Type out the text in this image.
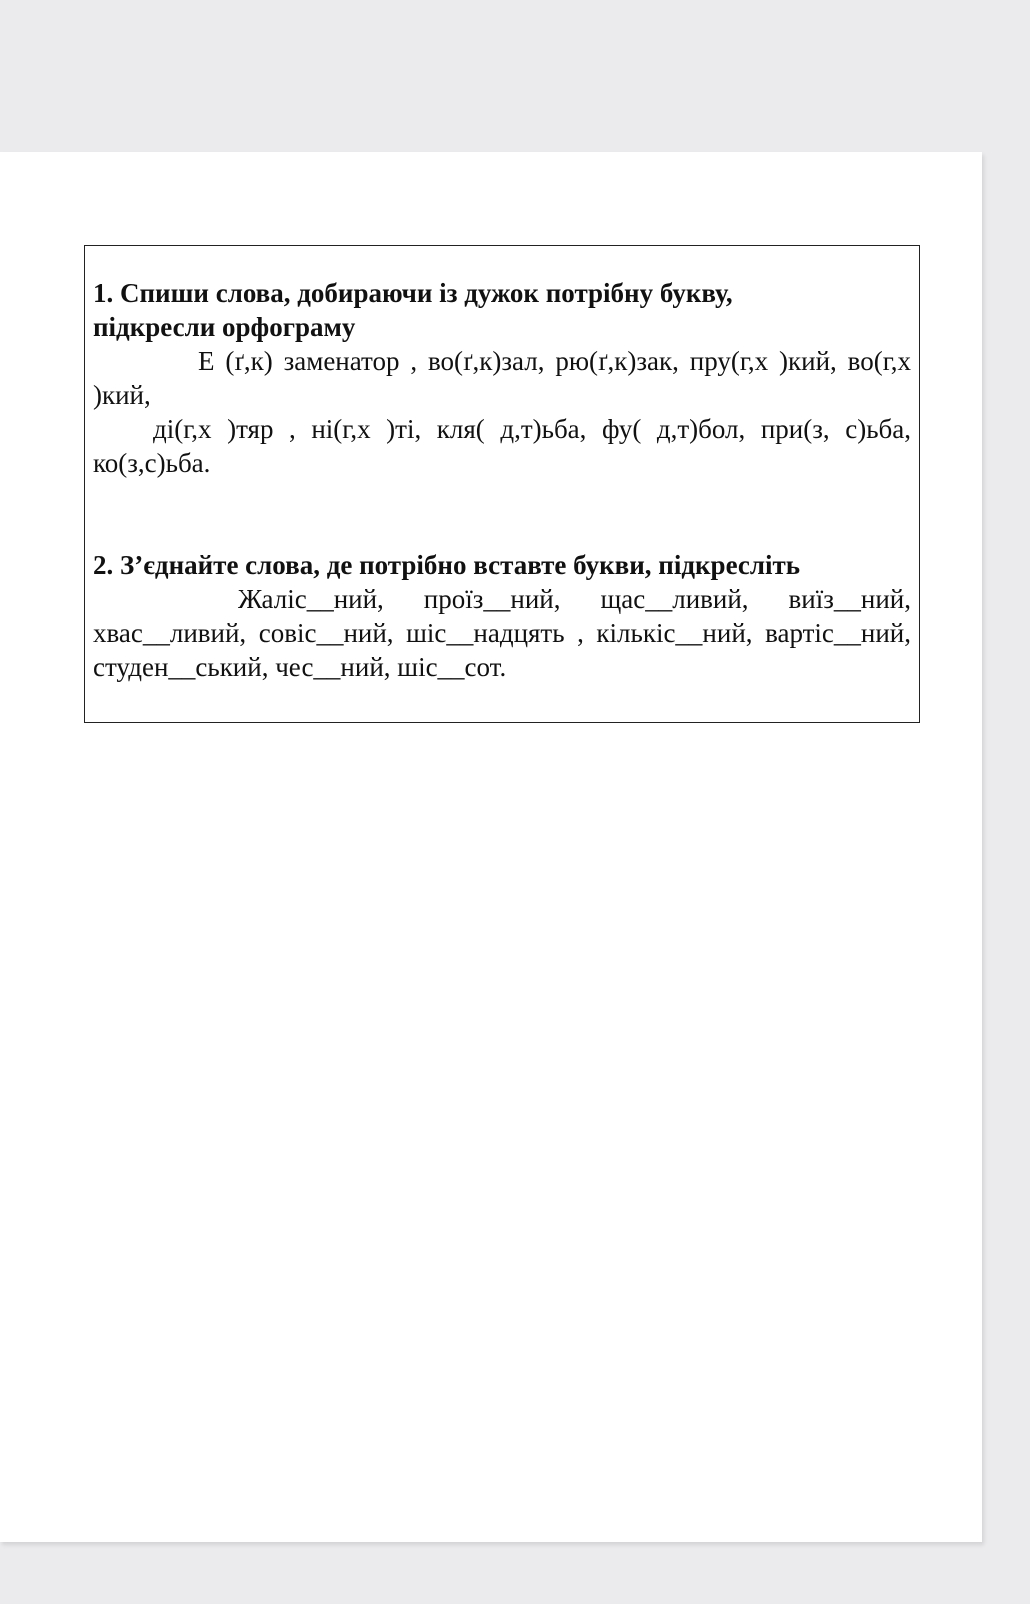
1. Спиши слова, добираючи із дужок потрібну букву,
підкресли орфограму

Е (ґ,к) заменатор , во(ґ,к)зал, рю(ґ,к)зак, пру(г,х )кий, во(г,х )кий,

ді(г,х )тяр , ні(г,х )ті, кля( д,т)ьба, фу( д,т)бол, при(з, с)ьба, ко(з,с)ьба.

2. З’єднайте слова, де потрібно вставте букви, підкресліть

Жаліс__ний, проїз__ний, щас__ливий, виїз__ний, хвас__ливий, совіс__ний, шіс__надцять , кількіс__ний, вартіс__ний, студен__ський, чес__ний, шіс__сот.
